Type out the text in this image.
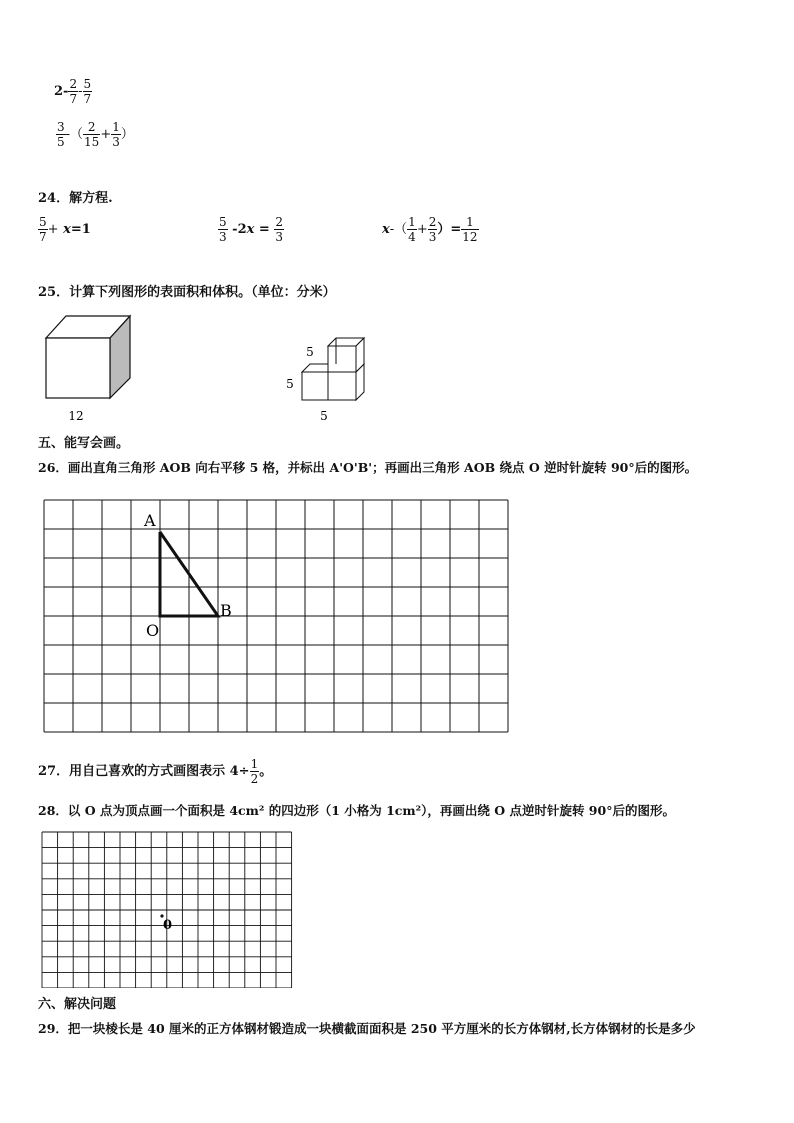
$2- \frac{2}{7} - \frac{5}{7}$
$\frac{3}{5}$ -（ $\frac{2}{15} + \frac{1}{3}$ ）
24．解方程.
$\frac{5}{7} + x=1$	$\frac{5}{3} -2x = \frac{2}{3}$	$x-( \frac{1}{4} + \frac{2}{3}$ ）= $\frac{1}{12}$
25．计算下列图形的表面积和体积。（单位：分米）
12
5
5
5
五、能写会画。
26．画出直角三角形 AOB 向右平移 5 格，并标出 A'O'B'；再画出三角形 AOB 绕点 O 逆时针旋转 90°后的图形。
A
O
B
27．用自己喜欢的方式画图表示 $4\div \frac{1}{2}$ 。
28．以 O 点为顶点画一个面积是 4cm² 的四边形（1 小格为 1cm²），再画出绕 O 点逆时针旋转 90°后的图形。
0
六、解决问题
29．把一块棱长是 40 厘米的正方体钢材锻造成一块横截面面积是 250 平方厘米的长方体钢材,长方体钢材的长是多少
